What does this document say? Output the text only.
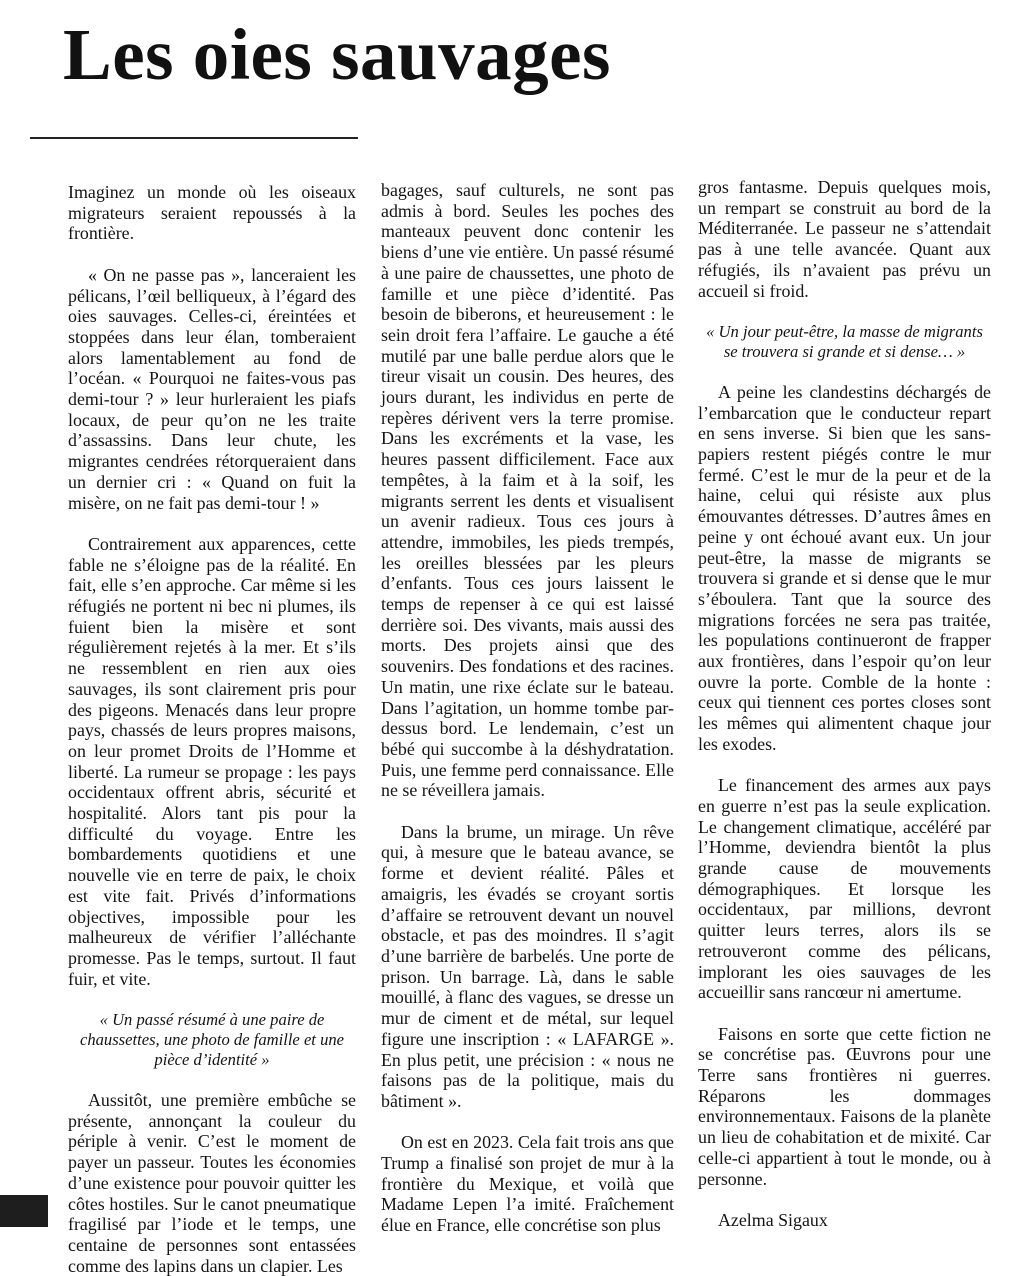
Les oies sauvages

Imaginez un monde où les oiseaux migrateurs seraient repoussés à la frontière.

« On ne passe pas », lanceraient les pélicans, l’œil belliqueux, à l’égard des oies sauvages. Celles-ci, éreintées et stoppées dans leur élan, tomberaient alors lamentablement au fond de l’océan. « Pourquoi ne faites-vous pas demi-tour ? » leur hurleraient les piafs locaux, de peur qu’on ne les traite d’assassins. Dans leur chute, les migrantes cendrées rétorqueraient dans un dernier cri : « Quand on fuit la misère, on ne fait pas demi-tour ! »

Contrairement aux apparences, cette fable ne s’éloigne pas de la réalité. En fait, elle s’en approche. Car même si les réfugiés ne portent ni bec ni plumes, ils fuient bien la misère et sont régulièrement rejetés à la mer. Et s’ils ne ressemblent en rien aux oies sauvages, ils sont clairement pris pour des pigeons. Menacés dans leur propre pays, chassés de leurs propres maisons, on leur promet Droits de l’Homme et liberté. La rumeur se propage : les pays occidentaux offrent abris, sécurité et hospitalité. Alors tant pis pour la difficulté du voyage. Entre les bombardements quotidiens et une nouvelle vie en terre de paix, le choix est vite fait. Privés d’informations objectives, impossible pour les malheureux de vérifier l’alléchante promesse. Pas le temps, surtout. Il faut fuir, et vite.

« Un passé résumé à une paire de chaussettes, une photo de famille et une pièce d’identité »

Aussitôt, une première embûche se présente, annonçant la couleur du périple à venir. C’est le moment de payer un passeur. Toutes les économies d’une existence pour pouvoir quitter les côtes hostiles. Sur le canot pneumatique fragilisé par l’iode et le temps, une centaine de personnes sont entassées comme des lapins dans un clapier. Les

bagages, sauf culturels, ne sont pas admis à bord. Seules les poches des manteaux peuvent donc contenir les biens d’une vie entière. Un passé résumé à une paire de chaussettes, une photo de famille et une pièce d’identité. Pas besoin de biberons, et heureusement : le sein droit fera l’affaire. Le gauche a été mutilé par une balle perdue alors que le tireur visait un cousin. Des heures, des jours durant, les individus en perte de repères dérivent vers la terre promise. Dans les excréments et la vase, les heures passent difficilement. Face aux tempêtes, à la faim et à la soif, les migrants serrent les dents et visualisent un avenir radieux. Tous ces jours à attendre, immobiles, les pieds trempés, les oreilles blessées par les pleurs d’enfants. Tous ces jours laissent le temps de repenser à ce qui est laissé derrière soi. Des vivants, mais aussi des morts. Des projets ainsi que des souvenirs. Des fondations et des racines. Un matin, une rixe éclate sur le bateau. Dans l’agitation, un homme tombe par-dessus bord. Le lendemain, c’est un bébé qui succombe à la déshydratation. Puis, une femme perd connaissance. Elle ne se réveillera jamais.

Dans la brume, un mirage. Un rêve qui, à mesure que le bateau avance, se forme et devient réalité. Pâles et amaigris, les évadés se croyant sortis d’affaire se retrouvent devant un nouvel obstacle, et pas des moindres. Il s’agit d’une barrière de barbelés. Une porte de prison. Un barrage. Là, dans le sable mouillé, à flanc des vagues, se dresse un mur de ciment et de métal, sur lequel figure une inscription : « LAFARGE ». En plus petit, une précision : « nous ne faisons pas de la politique, mais du bâtiment ».

On est en 2023. Cela fait trois ans que Trump a finalisé son projet de mur à la frontière du Mexique, et voilà que Madame Lepen l’a imité. Fraîchement élue en France, elle concrétise son plus

gros fantasme. Depuis quelques mois, un rempart se construit au bord de la Méditerranée. Le passeur ne s’attendait pas à une telle avancée. Quant aux réfugiés, ils n’avaient pas prévu un accueil si froid.

« Un jour peut-être, la masse de migrants se trouvera si grande et si dense… »

A peine les clandestins déchargés de l’embarcation que le conducteur repart en sens inverse. Si bien que les sans-papiers restent piégés contre le mur fermé. C’est le mur de la peur et de la haine, celui qui résiste aux plus émouvantes détresses. D’autres âmes en peine y ont échoué avant eux. Un jour peut-être, la masse de migrants se trouvera si grande et si dense que le mur s’éboulera. Tant que la source des migrations forcées ne sera pas traitée, les populations continueront de frapper aux frontières, dans l’espoir qu’on leur ouvre la porte. Comble de la honte : ceux qui tiennent ces portes closes sont les mêmes qui alimentent chaque jour les exodes.

Le financement des armes aux pays en guerre n’est pas la seule explication. Le changement climatique, accéléré par l’Homme, deviendra bientôt la plus grande cause de mouvements démographiques. Et lorsque les occidentaux, par millions, devront quitter leurs terres, alors ils se retrouveront comme des pélicans, implorant les oies sauvages de les accueillir sans rancœur ni amertume.

Faisons en sorte que cette fiction ne se concrétise pas. Œuvrons pour une Terre sans frontières ni guerres. Réparons les dommages environnementaux. Faisons de la planète un lieu de cohabitation et de mixité. Car celle-ci appartient à tout le monde, ou à personne.

Azelma Sigaux
